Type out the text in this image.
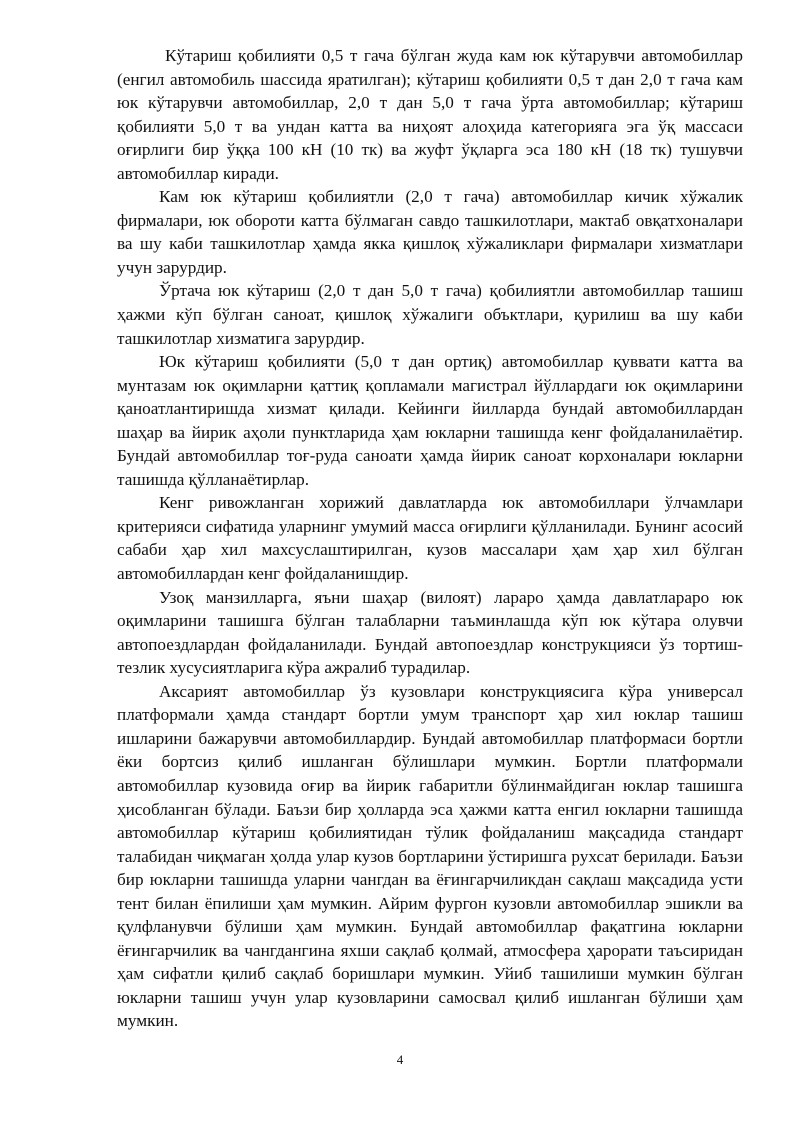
Кўтариш қобилияти 0,5 т гача бўлган жуда кам юк кўтарувчи автомобиллар (енгил автомобиль шассида яратилган); кўтариш қобилияти 0,5 т дан 2,0 т гача кам юк кўтарувчи автомобиллар, 2,0 т дан 5,0 т гача ўрта автомобиллар; кўтариш қобилияти 5,0 т ва ундан катта ва ниҳоят алоҳида категорияга эга ўқ массаси оғирлиги бир ўққа 100 кН (10 тк) ва жуфт ўқларга эса 180 кН (18 тк) тушувчи автомобиллар киради.

Кам юк кўтариш қобилиятли (2,0 т гача) автомобиллар кичик хўжалик фирмалари, юк обороти катта бўлмаган савдо ташкилотлари, мактаб овқатхоналари ва шу каби ташкилотлар ҳамда якка қишлоқ хўжаликлари фирмалари хизматлари учун зарурдир.

Ўртача юк кўтариш (2,0 т дан 5,0 т гача) қобилиятли автомобиллар ташиш ҳажми кўп бўлган саноат, қишлоқ хўжалиги объктлари, қурилиш ва шу каби ташкилотлар хизматига зарурдир.

Юк кўтариш қобилияти (5,0 т дан ортиқ) автомобиллар қуввати катта ва мунтазам юк оқимларни қаттиқ қопламали магистрал йўллардаги юк оқимларини қаноатлантиришда хизмат қилади. Кейинги йилларда бундай автомобиллардан шаҳар ва йирик аҳоли пунктларида ҳам юкларни ташишда кенг фойдаланилаётир. Бундай автомобиллар тоғ-руда саноати ҳамда йирик саноат корхоналари юкларни ташишда қўлланаётирлар.

Кенг ривожланган хорижий давлатларда юк автомобиллари ўлчамлари критерияси сифатида уларнинг умумий масса оғирлиги қўлланилади. Бунинг асосий сабаби ҳар хил махсуслаштирилган, кузов массалари ҳам ҳар хил бўлган автомобиллардан кенг фойдаланишдир.

Узоқ манзилларга, яъни шаҳар (вилоят) лараро ҳамда давлатлараро юк оқимларини ташишга бўлган талабларни таъминлашда кўп юк кўтара олувчи автопоездлардан фойдаланилади. Бундай автопоездлар конструкцияси ўз тортиш-тезлик хусусиятларига кўра ажралиб турадилар.

Аксарият автомобиллар ўз кузовлари конструкциясига кўра универсал платформали ҳамда стандарт бортли умум транспорт ҳар хил юклар ташиш ишларини бажарувчи автомобиллардир. Бундай автомобиллар платформаси бортли ёки бортсиз қилиб ишланган бўлишлари мумкин. Бортли платформали автомобиллар кузовида оғир ва йирик габаритли бўлинмайдиган юклар ташишга ҳисобланган бўлади. Баъзи бир ҳолларда эса ҳажми катта енгил юкларни ташишда автомобиллар кўтариш қобилиятидан тўлик фойдаланиш мақсадида стандарт талабидан чиқмаган ҳолда улар кузов бортларини ўстиришга рухсат берилади. Баъзи бир юкларни ташишда уларни чангдан ва ёғингарчиликдан сақлаш мақсадида усти тент билан ёпилиши ҳам мумкин. Айрим фургон кузовли автомобиллар эшикли ва қулфланувчи бўлиши ҳам мумкин. Бундай автомобиллар фақатгина юкларни ёғингарчилик ва чангдангина яхши сақлаб қолмай, атмосфера ҳарорати таъсиридан ҳам сифатли қилиб сақлаб боришлари мумкин. Уйиб ташилиши мумкин бўлган юкларни ташиш учун улар кузовларини самосвал қилиб ишланган бўлиши ҳам мумкин.

4
